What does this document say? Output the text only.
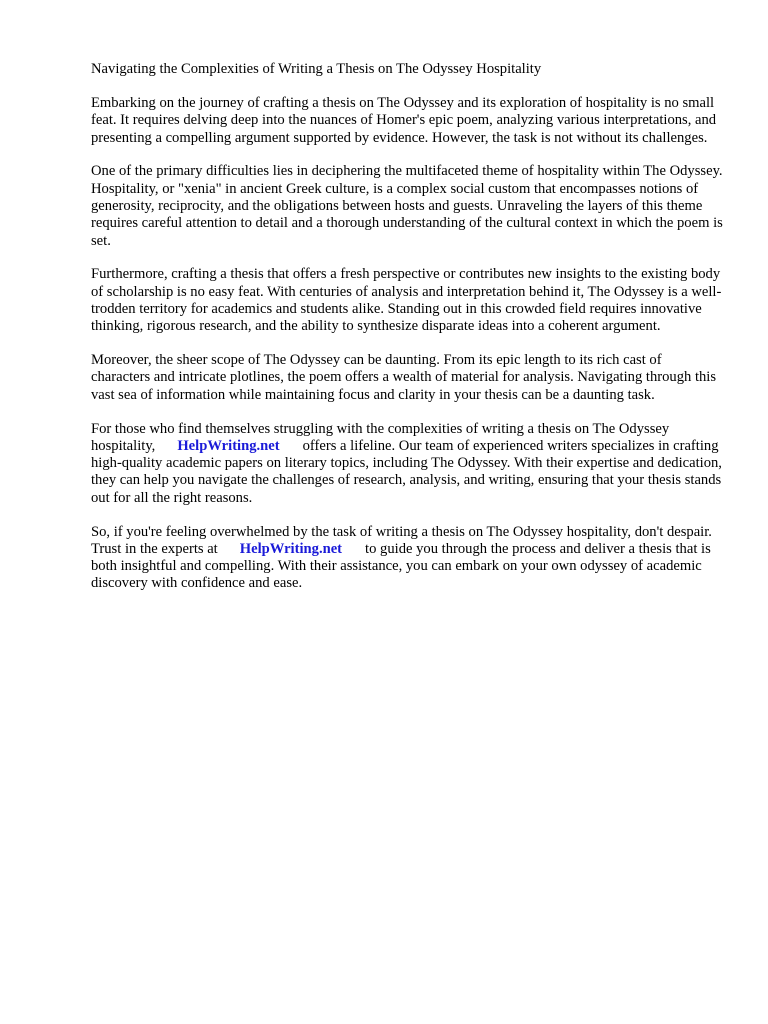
Navigating the Complexities of Writing a Thesis on The Odyssey Hospitality

Embarking on the journey of crafting a thesis on The Odyssey and its exploration of hospitality is no small feat. It requires delving deep into the nuances of Homer's epic poem, analyzing various interpretations, and presenting a compelling argument supported by evidence. However, the task is not without its challenges.

One of the primary difficulties lies in deciphering the multifaceted theme of hospitality within The Odyssey. Hospitality, or "xenia" in ancient Greek culture, is a complex social custom that encompasses notions of generosity, reciprocity, and the obligations between hosts and guests. Unraveling the layers of this theme requires careful attention to detail and a thorough understanding of the cultural context in which the poem is set.

Furthermore, crafting a thesis that offers a fresh perspective or contributes new insights to the existing body of scholarship is no easy feat. With centuries of analysis and interpretation behind it, The Odyssey is a well-trodden territory for academics and students alike. Standing out in this crowded field requires innovative thinking, rigorous research, and the ability to synthesize disparate ideas into a coherent argument.

Moreover, the sheer scope of The Odyssey can be daunting. From its epic length to its rich cast of characters and intricate plotlines, the poem offers a wealth of material for analysis. Navigating through this vast sea of information while maintaining focus and clarity in your thesis can be a daunting task.

For those who find themselves struggling with the complexities of writing a thesis on The Odyssey hospitality, HelpWriting.net offers a lifeline. Our team of experienced writers specializes in crafting high-quality academic papers on literary topics, including The Odyssey. With their expertise and dedication, they can help you navigate the challenges of research, analysis, and writing, ensuring that your thesis stands out for all the right reasons.

So, if you're feeling overwhelmed by the task of writing a thesis on The Odyssey hospitality, don't despair. Trust in the experts at HelpWriting.net to guide you through the process and deliver a thesis that is both insightful and compelling. With their assistance, you can embark on your own odyssey of academic discovery with confidence and ease.
